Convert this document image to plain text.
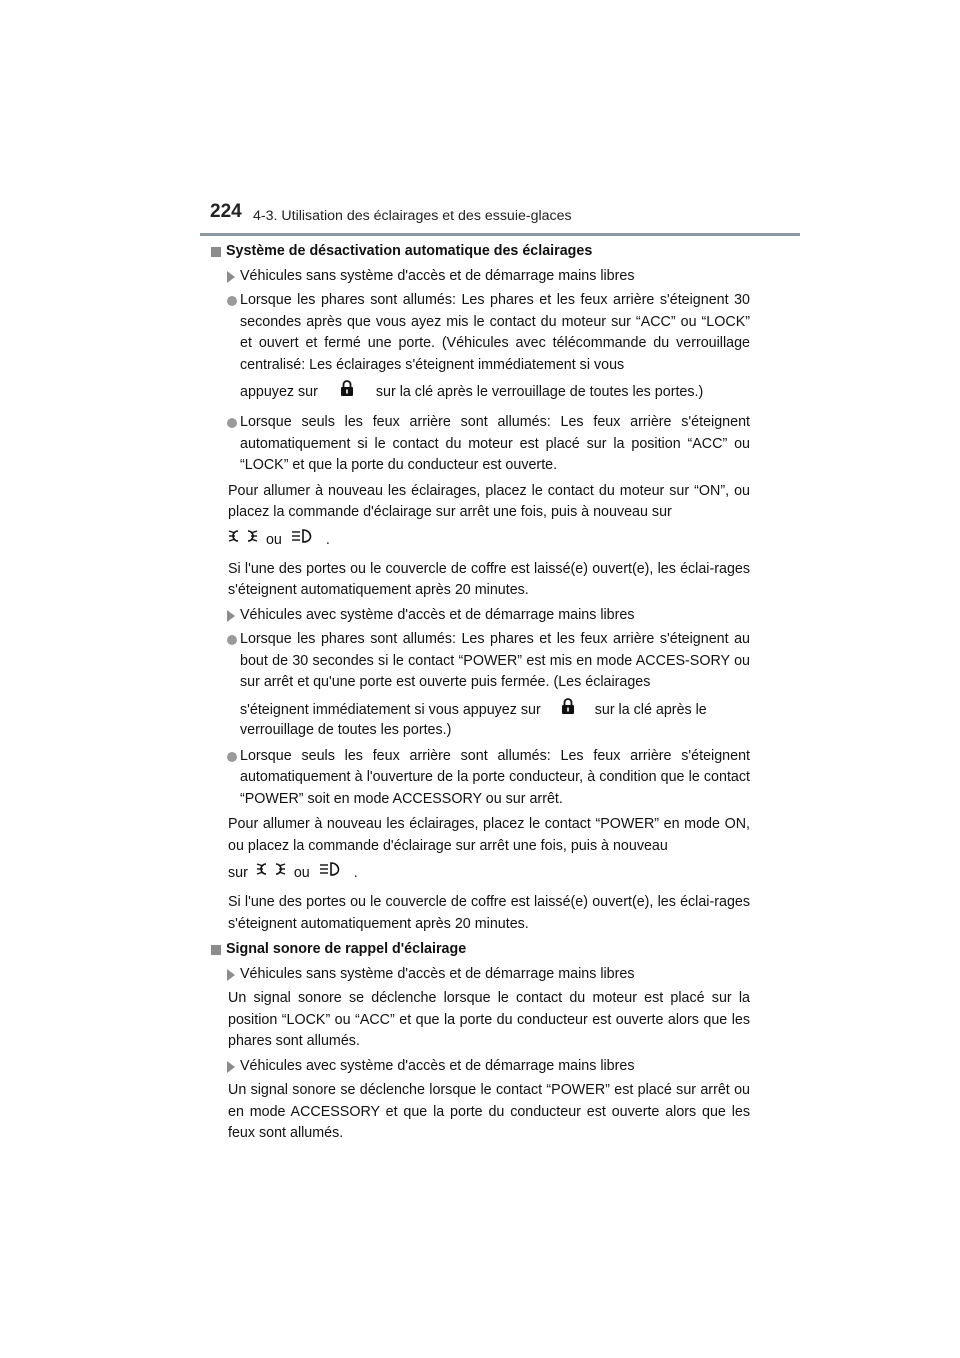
224 4-3. Utilisation des éclairages et des essuie-glaces
Système de désactivation automatique des éclairages
Véhicules sans système d'accès et de démarrage mains libres
Lorsque les phares sont allumés: Les phares et les feux arrière s'éteignent 30 secondes après que vous ayez mis le contact du moteur sur “ACC” ou “LOCK” et ouvert et fermé une porte. (Véhicules avec télécommande du verrouillage centralisé: Les éclairages s'éteignent immédiatement si vous
appuyez sur	sur la clé après le verrouillage de toutes les portes.)
Lorsque seuls les feux arrière sont allumés: Les feux arrière s'éteignent automatiquement si le contact du moteur est placé sur la position “ACC” ou “LOCK” et que la porte du conducteur est ouverte.
Pour allumer à nouveau les éclairages, placez le contact du moteur sur “ON”, ou placez la commande d'éclairage sur arrêt une fois, puis à nouveau sur
ou	.
Si l'une des portes ou le couvercle de coffre est laissé(e) ouvert(e), les éclai-rages s'éteignent automatiquement après 20 minutes.
Véhicules avec système d'accès et de démarrage mains libres
Lorsque les phares sont allumés: Les phares et les feux arrière s'éteignent au bout de 30 secondes si le contact “POWER” est mis en mode ACCES-SORY ou sur arrêt et qu'une porte est ouverte puis fermée. (Les éclairages
s'éteignent immédiatement si vous appuyez sur	sur la clé après le
verrouillage de toutes les portes.)
Lorsque seuls les feux arrière sont allumés: Les feux arrière s'éteignent automatiquement à l'ouverture de la porte conducteur, à condition que le contact “POWER” soit en mode ACCESSORY ou sur arrêt.
Pour allumer à nouveau les éclairages, placez le contact “POWER” en mode ON, ou placez la commande d'éclairage sur arrêt une fois, puis à nouveau
sur	ou	.
Si l'une des portes ou le couvercle de coffre est laissé(e) ouvert(e), les éclai-rages s'éteignent automatiquement après 20 minutes.
Signal sonore de rappel d'éclairage
Véhicules sans système d'accès et de démarrage mains libres
Un signal sonore se déclenche lorsque le contact du moteur est placé sur la position “LOCK” ou “ACC” et que la porte du conducteur est ouverte alors que les phares sont allumés.
Véhicules avec système d'accès et de démarrage mains libres
Un signal sonore se déclenche lorsque le contact “POWER” est placé sur arrêt ou en mode ACCESSORY et que la porte du conducteur est ouverte alors que les feux sont allumés.
